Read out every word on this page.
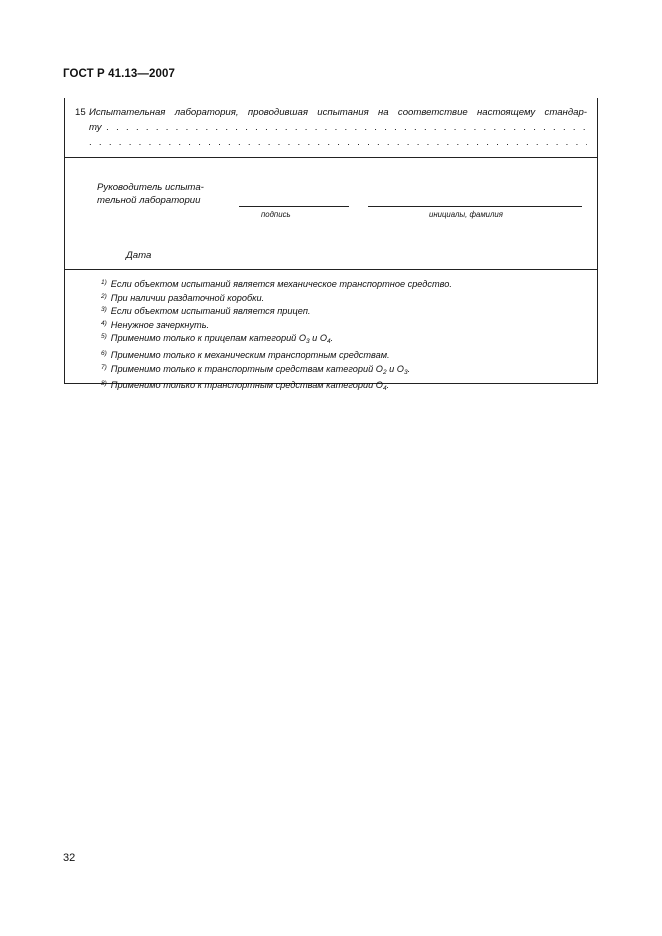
ГОСТ Р 41.13—2007
15 Испытательная лаборатория, проводившая испытания на соответствие настоящему стандар-
ту . . .
. . .
Руководитель испыта-
тельной лаборатории
подпись	инициалы, фамилия
Дата
$^{1)}$ Если объектом испытаний является механическое транспортное средство.
$^{2)}$ При наличии раздаточной коробки.
$^{3)}$ Если объектом испытаний является прицеп.
$^{4)}$ Ненужное зачеркнуть.
$^{5)}$ Применимо только к прицепам категорий $О_3$ и $О_4$.
$^{6)}$ Применимо только к механическим транспортным средствам.
$^{7)}$ Применимо только к транспортным средствам категорий $О_2$ и $О_3$.
$^{8)}$ Применимо только к транспортным средствам категории $О_4$.
32
